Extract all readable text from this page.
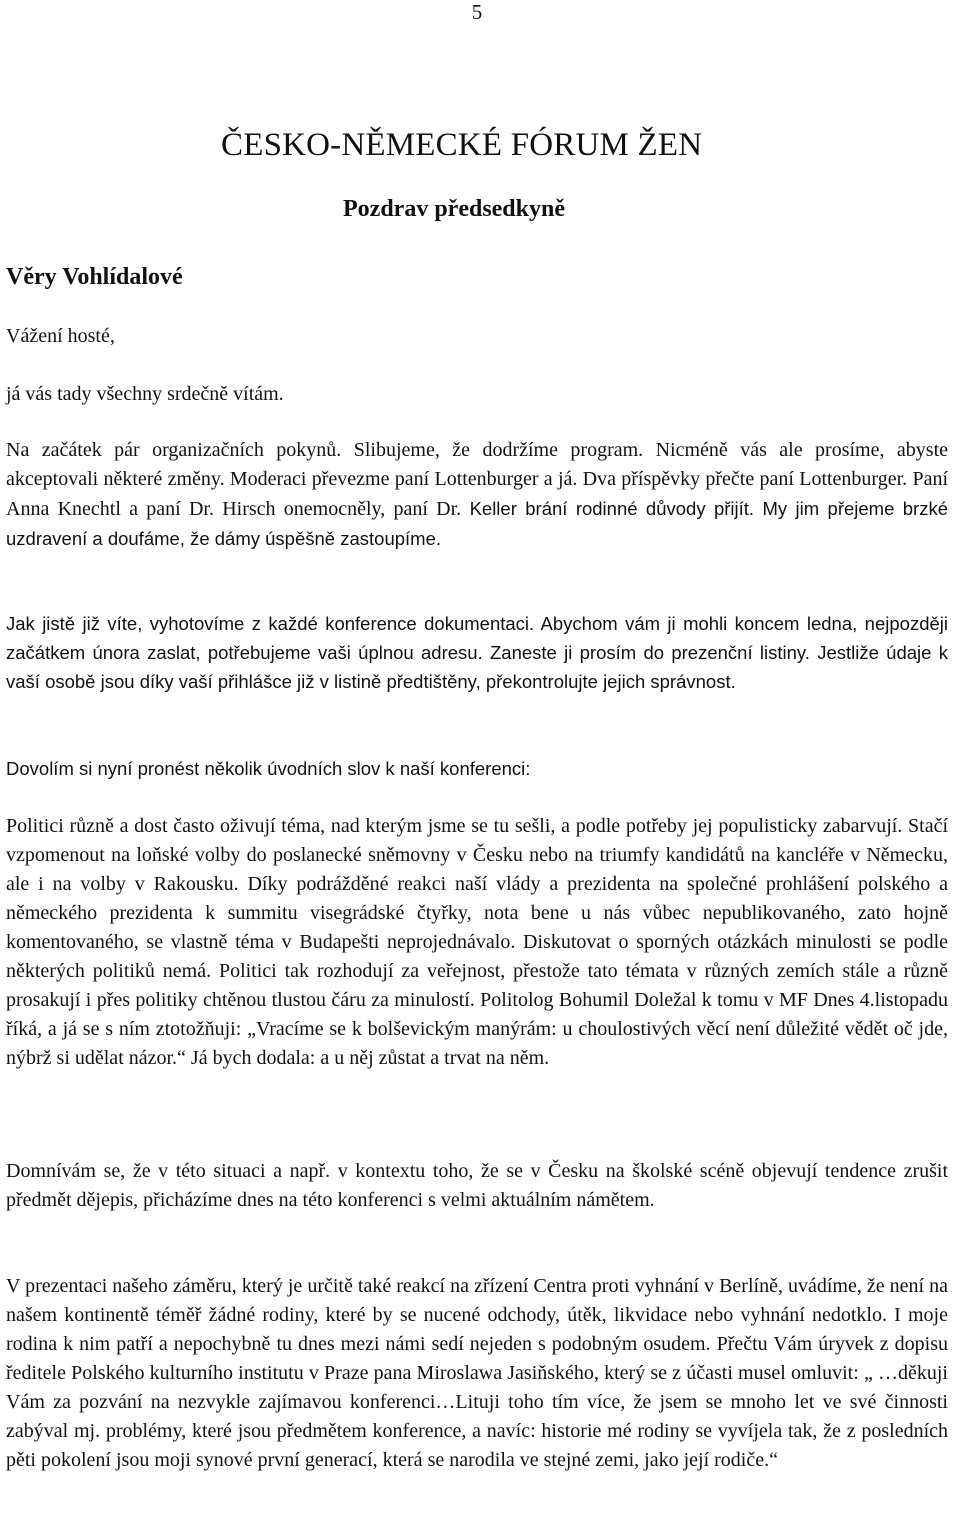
5
ČESKO-NĚMECKÉ FÓRUM ŽEN
Pozdrav předsedkyně
Věry Vohlídalové
Vážení hosté,
já vás tady všechny srdečně vítám.

Na začátek pár organizačních pokynů. Slibujeme, že dodržíme program. Nicméně vás ale prosíme, abyste akceptovali některé změny. Moderaci převezme paní Lottenburger a já. Dva příspěvky přečte paní Lottenburger. Paní Anna Knechtl a paní Dr. Hirsch onemocněly, paní Dr. Keller brání rodinné důvody přijít. My jim přejeme brzké uzdravení a doufáme, že dámy úspěšně zastoupíme.

Jak jistě již víte, vyhotovíme z každé konference dokumentaci. Abychom vám ji mohli koncem ledna, nejpozději začátkem února zaslat, potřebujeme vaši úplnou adresu. Zaneste ji prosím do prezenční listiny. Jestliže údaje k vaší osobě jsou díky vaší přihlášce již v listině předtištěny, překontrolujte jejich správnost.

Dovolím si nyní pronést několik úvodních slov k naší konferenci:

Politici různě a dost často oživují téma, nad kterým jsme se tu sešli, a podle potřeby jej populisticky zabarvují. Stačí vzpomenout na loňské volby do poslanecké sněmovny v Česku nebo na triumfy kandidátů na kancléře v Německu, ale i na volby v Rakousku. Díky podrážděné reakci naší vlády a prezidenta na společné prohlášení polského a německého prezidenta k summitu visegrádské čtyřky, nota bene u nás vůbec nepublikovaného, zato hojně komentovaného, se vlastně téma v Budapešti neprojednávalo. Diskutovat o sporných otázkách minulosti se podle některých politiků nemá. Politici tak rozhodují za veřejnost, přestože tato témata v různých zemích stále a různě prosakují i přes politiky chtěnou tlustou čáru za minulostí. Politolog Bohumil Doležal k tomu v MF Dnes 4.listopadu říká, a já se s ním ztotožňuji: „Vracíme se k bolševickým manýrám: u choulostivých věcí není důležité vědět oč jde, nýbrž si udělat názor.“ Já bych dodala: a u něj zůstat a trvat na něm.

Domnívám se, že v této situaci a např. v kontextu toho, že se v Česku na školské scéně objevují tendence zrušit předmět dějepis, přicházíme dnes na této konferenci s velmi aktuálním námětem.

V prezentaci našeho záměru, který je určitě také reakcí na zřízení Centra proti vyhnání v Berlíně, uvádíme, že není na našem kontinentě téměř žádné rodiny, které by se nucené odchody, útěk, likvidace nebo vyhnání nedotklo. I moje rodina k nim patří a nepochybně tu dnes mezi námi sedí nejeden s podobným osudem. Přečtu Vám úryvek z dopisu ředitele Polského kulturního institutu v Praze pana Miroslawa Jasiňského, který se z účasti musel omluvit: „ …děkuji Vám za pozvání na nezvykle zajímavou konferenci…Lituji toho tím více, že jsem se mnoho let ve své činnosti zabýval mj. problémy, které jsou předmětem konference, a navíc: historie mé rodiny se vyvíjela tak, že z posledních pěti pokolení jsou moji synové první generací, která se narodila ve stejné zemi, jako její rodiče.“
